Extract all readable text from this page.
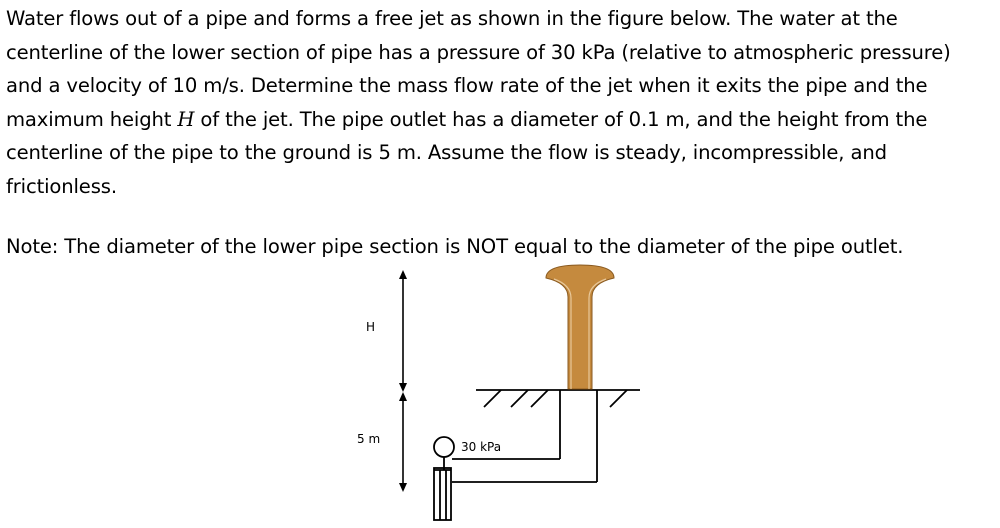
Water flows out of a pipe and forms a free jet as shown in the figure below. The water at the
centerline of the lower section of pipe has a pressure of 30 kPa (relative to atmospheric pressure)
and a velocity of 10 m/s. Determine the mass flow rate of the jet when it exits the pipe and the
maximum height H of the jet. The pipe outlet has a diameter of 0.1 m, and the height from the
centerline of the pipe to the ground is 5 m. Assume the flow is steady, incompressible, and
frictionless.
Note: The diameter of the lower pipe section is NOT equal to the diameter of the pipe outlet.
H
5 m
30 kPa
